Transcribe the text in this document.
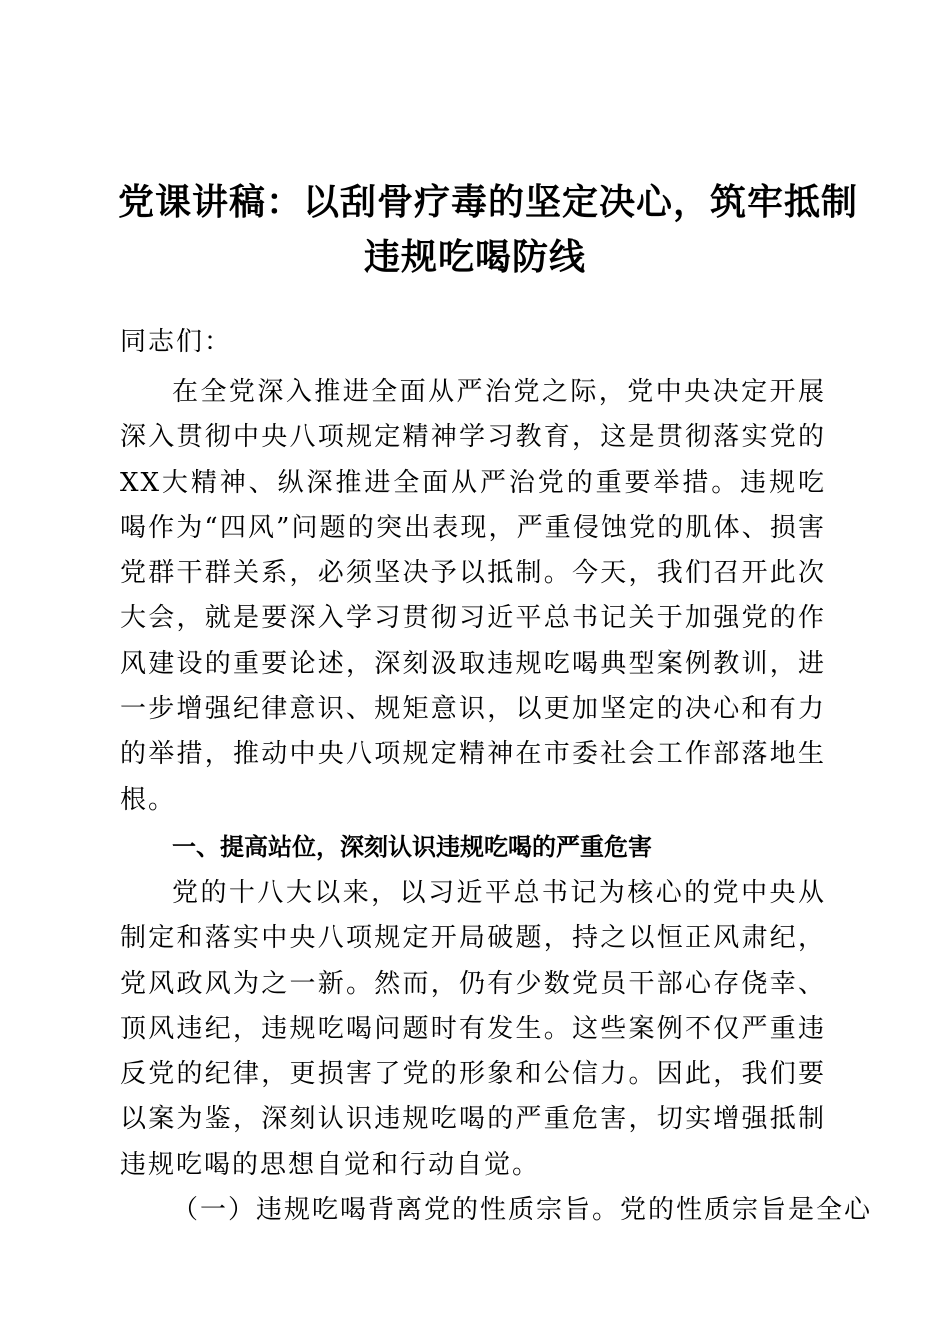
党课讲稿：以刮骨疗毒的坚定决心，筑牢抵制
违规吃喝防线

同志们：

在全党深入推进全面从严治党之际，党中央决定开展深入贯彻中央八项规定精神学习教育，这是贯彻落实党的XX大精神、纵深推进全面从严治党的重要举措。违规吃喝作为“四风”问题的突出表现，严重侵蚀党的肌体、损害党群干群关系，必须坚决予以抵制。今天，我们召开此次大会，就是要深入学习贯彻习近平总书记关于加强党的作风建设的重要论述，深刻汲取违规吃喝典型案例教训，进一步增强纪律意识、规矩意识，以更加坚定的决心和有力的举措，推动中央八项规定精神在市委社会工作部落地生根。

一、提高站位，深刻认识违规吃喝的严重危害

党的十八大以来，以习近平总书记为核心的党中央从制定和落实中央八项规定开局破题，持之以恒正风肃纪，党风政风为之一新。然而，仍有少数党员干部心存侥幸、顶风违纪，违规吃喝问题时有发生。这些案例不仅严重违反党的纪律，更损害了党的形象和公信力。因此，我们要以案为鉴，深刻认识违规吃喝的严重危害，切实增强抵制违规吃喝的思想自觉和行动自觉。

（一）违规吃喝背离党的性质宗旨。党的性质宗旨是全心
